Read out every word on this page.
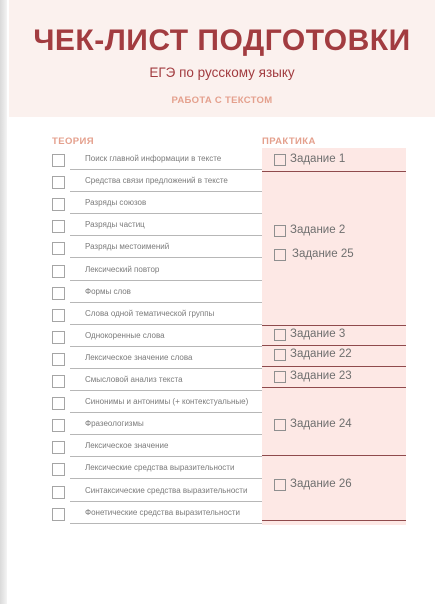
ЧЕК-ЛИСТ ПОДГОТОВКИ
ЕГЭ по русскому языку
РАБОТА С ТЕКСТОМ
ТЕОРИЯ	ПРАКТИКА
Поиск главной информации в тексте
Средства связи предложений в тексте
Разряды союзов
Разряды частиц
Разряды местоимений
Лексический повтор
Формы слов
Слова одной тематической группы
Однокоренные слова
Лексическое значение слова
Смысловой анализ текста
Синонимы и антонимы (+ контекстуальные)
Фразеологизмы
Лексическое значение
Лексические средства выразительности
Синтаксические средства выразительности
Фонетические средства выразительности
Задание 1
Задание 2
Задание 25
Задание 3
Задание 22
Задание 23
Задание 24
Задание 26
